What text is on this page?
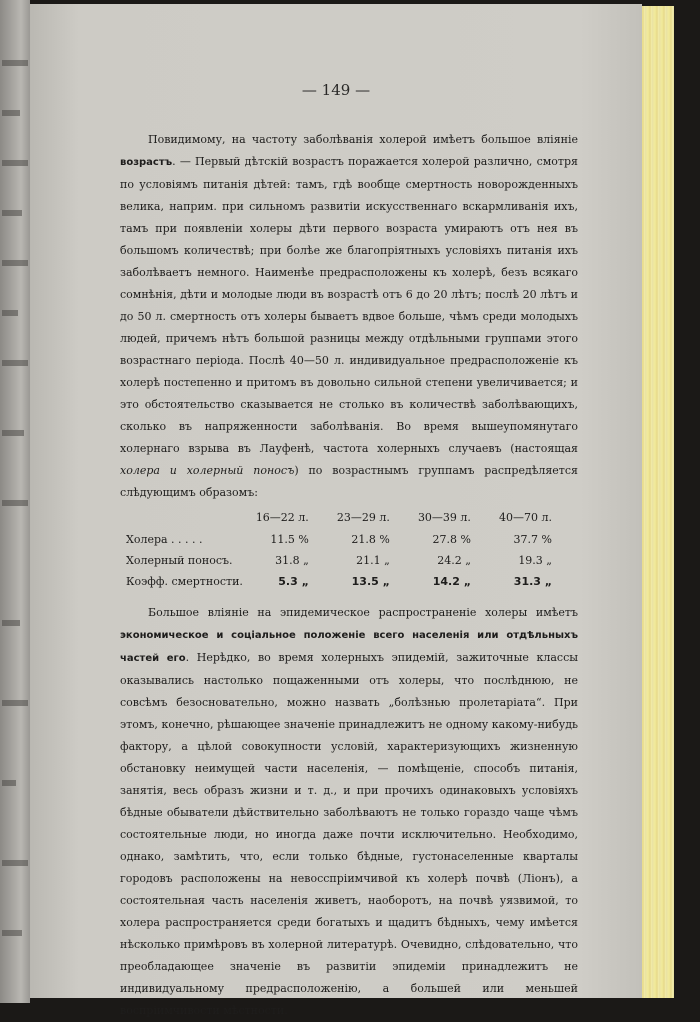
— 149 —

Повидимому, на частоту заболѣванія холерой имѣетъ большое вліяніе возрастъ. — Первый дѣтскій возрастъ поражается холерой различно, смотря по условіямъ питанія дѣтей: тамъ, гдѣ вообще смертность новорожденныхъ велика, наприм. при сильномъ развитіи искусственнаго вскармливанія ихъ, тамъ при появленіи холеры дѣти первого возраста умираютъ отъ нея въ большомъ количествѣ; при болѣе же благопріятныхъ условіяхъ питанія ихъ заболѣваетъ немного. Наименѣе предрасположены къ холерѣ, безъ всякаго сомнѣнія, дѣти и молодые люди въ возрастѣ отъ 6 до 20 лѣтъ; послѣ 20 лѣтъ и до 50 л. смертность отъ холеры бываетъ вдвое больше, чѣмъ среди молодыхъ людей, причемъ нѣтъ большой разницы между отдѣльными группами этого возрастнаго періода. Послѣ 40—50 л. индивидуальное предрасположеніе къ холерѣ постепенно и притомъ въ довольно сильной степени увеличивается; и это обстоятельство сказывается не столько въ количествѣ заболѣвающихъ, сколько въ напряженности заболѣванія. Во время вышеупомянутаго холернаго взрыва въ Лауфенѣ, частота холерныхъ случаевъ (настоящая холера и холерный поносъ) по возрастнымъ группамъ распредѣляется слѣдующимъ образомъ:

	16—22 л.	23—29 л.	30—39 л.	40—70 л.
Холера . . . . .	11.5 %	21.8 %	27.8 %	37.7 %
Холерный поносъ.	31.8 „	21.1 „	24.2 „	19.3 „
Коэфф. смертности.	5.3 „	13.5 „	14.2 „	31.3 „

Большое вліяніе на эпидемическое распространеніе холеры имѣетъ экономическое и соціальное положеніе всего населенія или отдѣльныхъ частей его. Нерѣдко, во время холерныхъ эпидемій, зажиточные классы оказывались настолько пощаженными отъ холеры, что послѣднюю, не совсѣмъ безосновательно, можно назвать „болѣзнью пролетаріата“. При этомъ, конечно, рѣшающее значеніе принадлежитъ не одному какому-нибудь фактору, а цѣлой совокупности условій, характеризующихъ жизненную обстановку неимущей части населенія, — помѣщеніе, способъ питанія, занятія, весь образъ жизни и т. д., и при прочихъ одинаковыхъ условіяхъ бѣдные обыватели дѣйствительно заболѣваютъ не только гораздо чаще чѣмъ состоятельные люди, но иногда даже почти исключительно. Необходимо, однако, замѣтить, что, если только бѣдные, густонаселенные кварталы городовъ расположены на невосспріимчивой къ холерѣ почвѣ (Ліонъ), а состоятельная часть населенія живетъ, наоборотъ, на почвѣ уязвимой, то холера распространяется среди богатыхъ и щадитъ бѣдныхъ, чему имѣется нѣсколько примѣровъ въ холерной литературѣ. Очевидно, слѣдовательно, что преобладающее значеніе въ развитіи эпидеміи принадлежитъ не индивидуальному предрасположенію, а большей или меньшей воспріимчивости мѣстности.
